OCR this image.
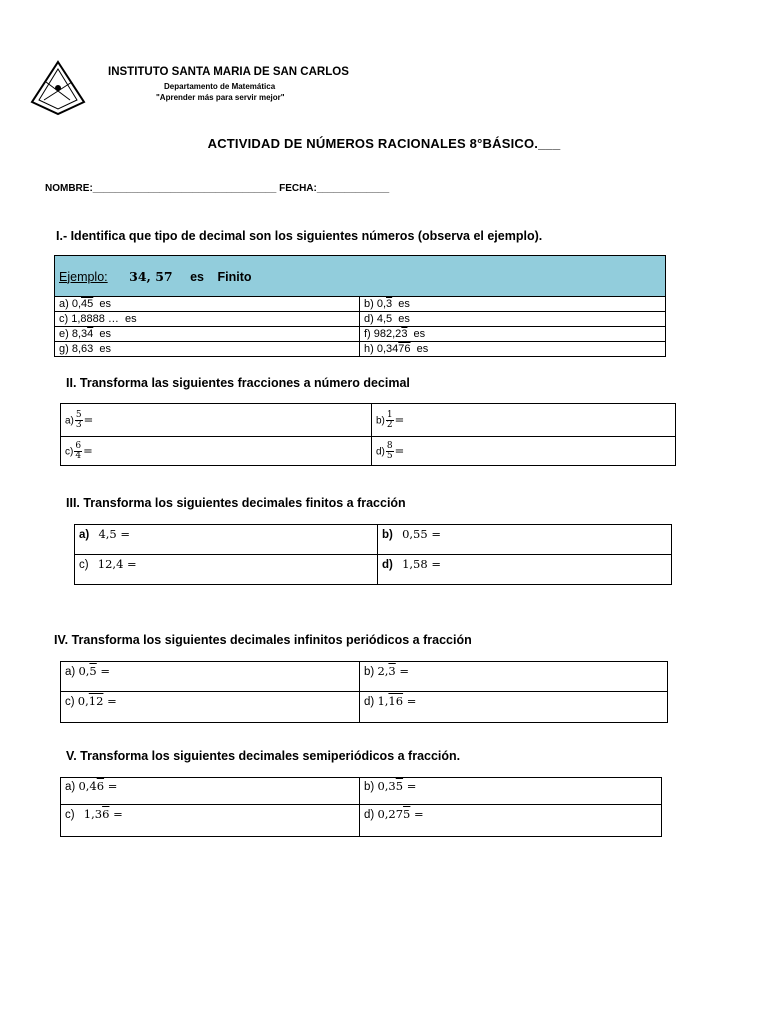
INSTITUTO SANTA MARIA DE SAN CARLOS
Departamento de Matemática
"Aprender más para servir mejor"
ACTIVIDAD DE NÚMEROS RACIONALES 8°BÁSICO.___
NOMBRE:_________________________________ FECHA:_____________
I.- Identifica que tipo de decimal son los siguientes números (observa el ejemplo).
Ejemplo: 34, 57 es Finito	
a) 0,45  es	b) 0,3  es
c) 1,8888 …  es	d) 4,5  es
e) 8,34  es	f) 982,23  es
g) 8,63  es	h) 0,3476  es
II. Transforma las siguientes fracciones a número decimal
$a) \frac{5}{3}$ =	$b) \frac{1}{2}$ =
$c) \frac{6}{4}$ =	$d) \frac{8}{5}$ =
III. Transforma los siguientes decimales finitos a fracción
a) 4,5 =	b) 0,55 =
c) 12,4 =	d) 1,58 =
IV. Transforma los siguientes decimales infinitos periódicos a fracción
a) 0,5 =	b) 2,3 =
c) 0,12 =	d) 1,16 =
V. Transforma los siguientes decimales semiperiódicos a fracción.
a) 0,46 =	b) 0,35 =
c) 1,36 =	d) 0,275 =
